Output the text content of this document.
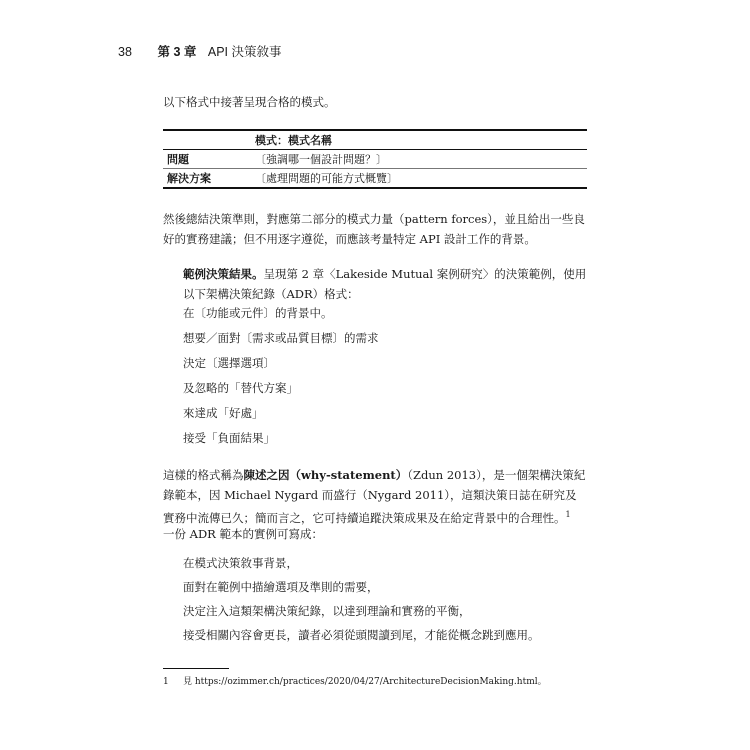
38 第 3 章 API 決策敘事
以下格式中接著呈現合格的模式。
	模式：模式名稱
問題	〔強調哪一個設計問題？〕
解決方案	〔處理問題的可能方式概覽〕
然後總結決策準則，對應第二部分的模式力量（pattern forces），並且給出一些良好的實務建議；但不用逐字遵從，而應該考量特定 API 設計工作的背景。
範例決策結果。呈現第 2 章〈Lakeside Mutual 案例研究〉的決策範例，使用以下架構決策紀錄（ADR）格式：
在〔功能或元件〕的背景中。
想要／面對〔需求或品質目標〕的需求
決定〔選擇選項〕
及忽略的「替代方案」
來達成「好處」
接受「負面結果」
這樣的格式稱為陳述之因（why-statement）（Zdun 2013），是一個架構決策紀錄範本，因 Michael Nygard 而盛行（Nygard 2011），這類決策日誌在研究及實務中流傳已久；簡而言之，它可持續追蹤決策成果及在給定背景中的合理性。$^1$
一份 ADR 範本的實例可寫成：
在模式決策敘事背景，
面對在範例中描繪選項及準則的需要，
決定注入這類架構決策紀錄，以達到理論和實務的平衡，
接受相關內容會更長，讀者必須從頭閱讀到尾，才能從概念跳到應用。
1 見 https://ozimmer.ch/practices/2020/04/27/ArchitectureDecisionMaking.html。
